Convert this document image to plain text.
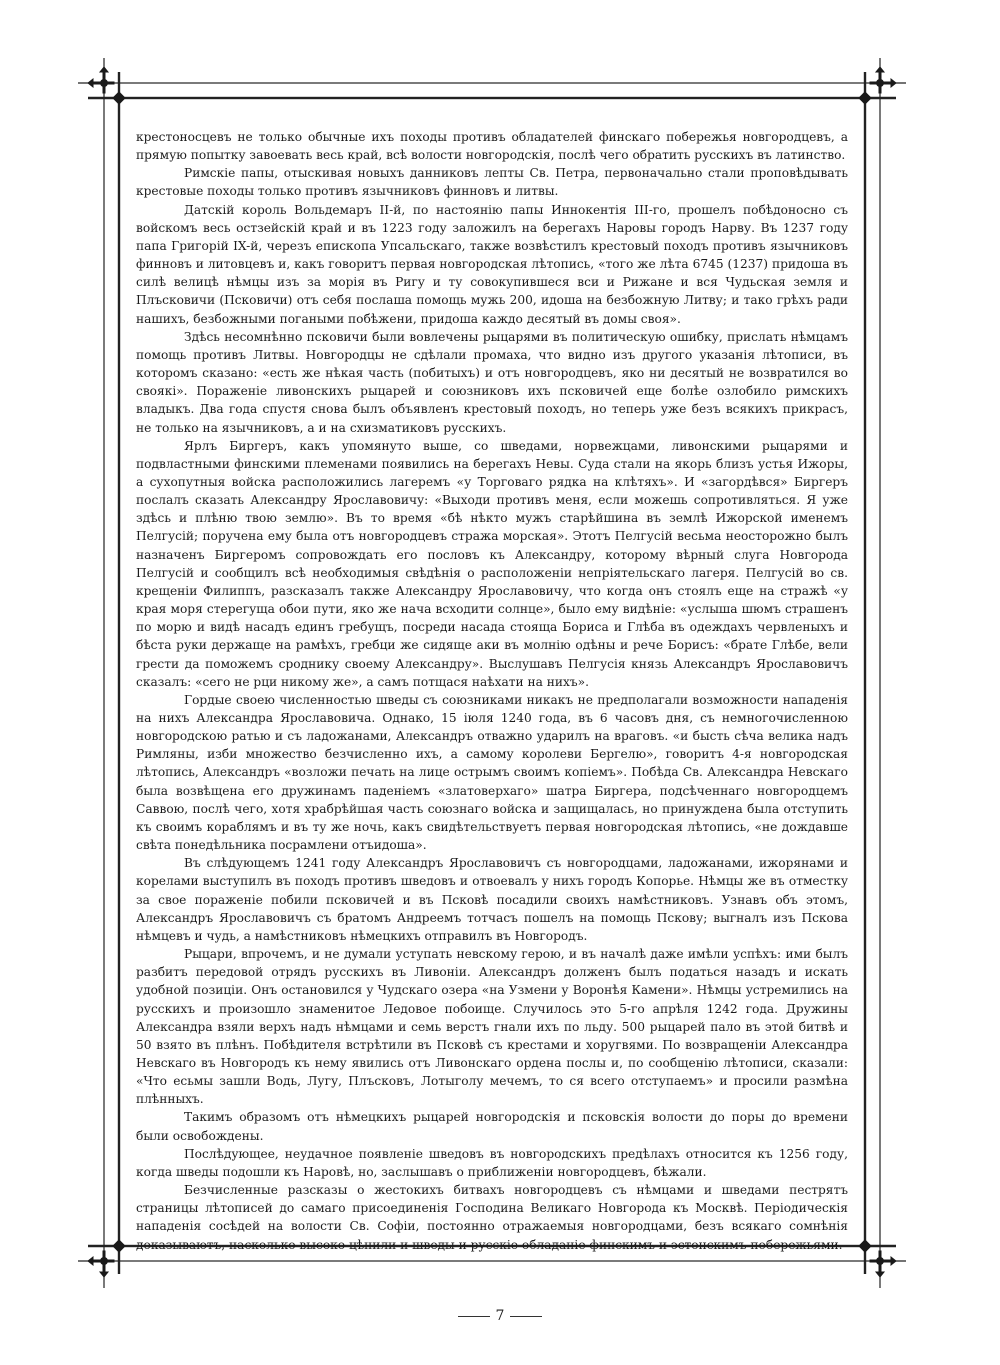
крестоносцевъ не только обычные ихъ походы противъ обладателей финскаго побережья новгородцевъ, а прямую попытку завоевать весь край, всѣ волости новгородскія, послѣ чего обратить русскихъ въ латинство.

Римскіе папы, отыскивая новыхъ данниковъ лепты Св. Петра, первоначально стали проповѣдывать крестовые походы только противъ язычниковъ финновъ и литвы.

Датскій король Вольдемаръ II-й, по настоянію папы Иннокентія III-го, прошелъ побѣдоносно съ войскомъ весь остзейскій край и въ 1223 году заложилъ на берегахъ Наровы городъ Нарву. Въ 1237 году папа Григорій IX-й, черезъ епископа Упсальскаго, также возвѣстилъ крестовый походъ противъ язычниковъ финновъ и литовцевъ и, какъ говоритъ первая новгородская лѣтопись, «того же лѣта 6745 (1237) придоша въ силѣ велицѣ нѣмцы изъ за морія въ Ригу и ту совокупившеся вси и Рижане и вся Чудьская земля и Плъсковичи (Псковичи) отъ себя послаша помощь мужь 200, идоша на безбожную Литву; и тако грѣхъ ради нашихъ, безбожными погаными побѣжени, придоша каждо десятый въ домы своя».

Здѣсь несомнѣнно псковичи были вовлечены рыцарями въ политическую ошибку, прислать нѣмцамъ помощь противъ Литвы. Новгородцы не сдѣлали промаха, что видно изъ другого указанія лѣтописи, въ которомъ сказано: «есть же нѣкая часть (побитыхъ) и отъ новгородцевъ, яко ни десятый не возвратился во своякі». Пораженіе ливонскихъ рыцарей и союзниковъ ихъ псковичей еще болѣе озлобило римскихъ владыкъ. Два года спустя снова былъ объявленъ крестовый походъ, но теперь уже безъ всякихъ прикрасъ, не только на язычниковъ, а и на схизматиковъ русскихъ.

Ярлъ Биргеръ, какъ упомянуто выше, со шведами, норвежцами, ливонскими рыцарями и подвластными финскими племенами появились на берегахъ Невы. Суда стали на якорь близъ устья Ижоры, а сухопутныя войска расположились лагеремъ «у Торговаго рядка на клѣтяхъ». И «загордѣвся» Биргеръ послалъ сказать Александру Ярославовичу: «Выходи противъ меня, если можешь сопротивляться. Я уже здѣсь и плѣню твою землю». Въ то время «бѣ нѣкто мужъ старѣйшина въ землѣ Ижорской именемъ Пелгусій; поручена ему была отъ новгородцевъ стража морская». Этотъ Пелгусій весьма неосторожно былъ назначенъ Биргеромъ сопровождать его пословъ къ Александру, которому вѣрный слуга Новгорода Пелгусій и сообщилъ всѣ необходимыя свѣдѣнія о расположеніи непріятельскаго лагеря. Пелгусій во св. крещеніи Филиппъ, разсказалъ также Александру Ярославовичу, что когда онъ стоялъ еще на стражѣ «у края моря стерегуща обои пути, яко же нача всходити солнце», было ему видѣніе: «услыша шюмъ страшенъ по морю и видѣ насадъ единъ гребущъ, посреди насада стояща Бориса и Глѣба въ одеждахъ червленыхъ и бѣста руки держаще на рамѣхъ, гребци же сидяще аки въ молнію одѣны и рече Борисъ: «брате Глѣбе, вели грести да поможемъ сроднику своему Александру». Выслушавъ Пелгусія князь Александръ Ярославовичъ сказалъ: «сего не рци никому же», а самъ потщася наѣхати на нихъ».

Гордые своею численностью шведы съ союзниками никакъ не предполагали возможности нападенія на нихъ Александра Ярославовича. Однако, 15 іюля 1240 года, въ 6 часовъ дня, съ немногочисленною новгородскою ратью и съ ладожанами, Александръ отважно ударилъ на враговъ. «и бысть сѣча велика надъ Римляны, изби множество безчисленно ихъ, а самому королеви Бергелю», говоритъ 4-я новгородская лѣтопись, Александръ «возложи печать на лице острымъ своимъ копіемъ». Побѣда Св. Александра Невскаго была возвѣщена его дружинамъ паденіемъ «златоверхаго» шатра Биргера, подсѣченнаго новгородцемъ Саввою, послѣ чего, хотя храбрѣйшая часть союзнаго войска и защищалась, но принуждена была отступить къ своимъ кораблямъ и въ ту же ночь, какъ свидѣтельствуетъ первая новгородская лѣтопись, «не дождавше свѣта понедѣльника посрамлени отъидоша».

Въ слѣдующемъ 1241 году Александръ Ярославовичъ съ новгородцами, ладожанами, ижорянами и корелами выступилъ въ походъ противъ шведовъ и отвоевалъ у нихъ городъ Копорье. Нѣмцы же въ отместку за свое пораженіе побили псковичей и въ Псковѣ посадили своихъ намѣстниковъ. Узнавъ объ этомъ, Александръ Ярославовичъ съ братомъ Андреемъ тотчасъ пошелъ на помощь Пскову; выгналъ изъ Пскова нѣмцевъ и чудь, а намѣстниковъ нѣмецкихъ отправилъ въ Новгородъ.

Рыцари, впрочемъ, и не думали уступать невскому герою, и въ началѣ даже имѣли успѣхъ: ими былъ разбитъ передовой отрядъ русскихъ въ Ливоніи. Александръ долженъ былъ податься назадъ и искать удобной позиціи. Онъ остановился у Чудскаго озера «на Узмени у Воронѣя Камени». Нѣмцы устремились на русскихъ и произошло знаменитое Ледовое побоище. Случилось это 5-го апрѣля 1242 года. Дружины Александра взяли верхъ надъ нѣмцами и семь верстъ гнали ихъ по льду. 500 рыцарей пало въ этой битвѣ и 50 взято въ плѣнъ. Побѣдителя встрѣтили въ Псковѣ съ крестами и хоругвями. По возвращеніи Александра Невскаго въ Новгородъ къ нему явились отъ Ливонскаго ордена послы и, по сообщенію лѣтописи, сказали: «Что есьмы зашли Водь, Лугу, Плъсковъ, Лотыголу мечемъ, то ся всего отступаемъ» и просили размѣна плѣнныхъ.

Такимъ образомъ отъ нѣмецкихъ рыцарей новгородскія и псковскія волости до поры до времени были освобождены.

Послѣдующее, неудачное появленіе шведовъ въ новгородскихъ предѣлахъ относится къ 1256 году, когда шведы подошли къ Наровѣ, но, заслышавъ о приближеніи новгородцевъ, бѣжали.

Безчисленные разсказы о жестокихъ битвахъ новгородцевъ съ нѣмцами и шведами пестрятъ страницы лѣтописей до самаго присоединенія Господина Великаго Новгорода къ Москвѣ. Періодическія нападенія сосѣдей на волости Св. Софіи, постоянно отражаемыя новгородцами, безъ всякаго сомнѣнія доказываютъ, насколько высоко цѣнили и шведы и русскіе обладаніе финскимъ и эстонскимъ побережьями.

7
